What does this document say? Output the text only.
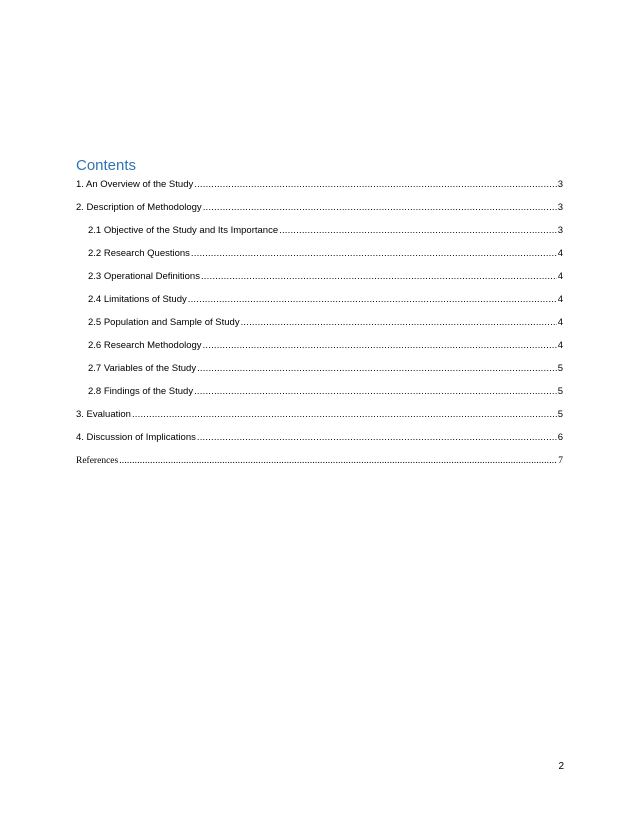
Contents
1. An Overview of the Study .....	3
2. Description of Methodology .....	3
2.1 Objective of the Study and Its Importance .....	3
2.2 Research Questions .....	4
2.3 Operational Definitions .....	4
2.4 Limitations of Study .....	4
2.5 Population and Sample of Study .....	4
2.6 Research Methodology .....	4
2.7 Variables of the Study .....	5
2.8 Findings of the Study .....	5
3. Evaluation .....	5
4. Discussion of Implications .....	6
References .....	7
2
